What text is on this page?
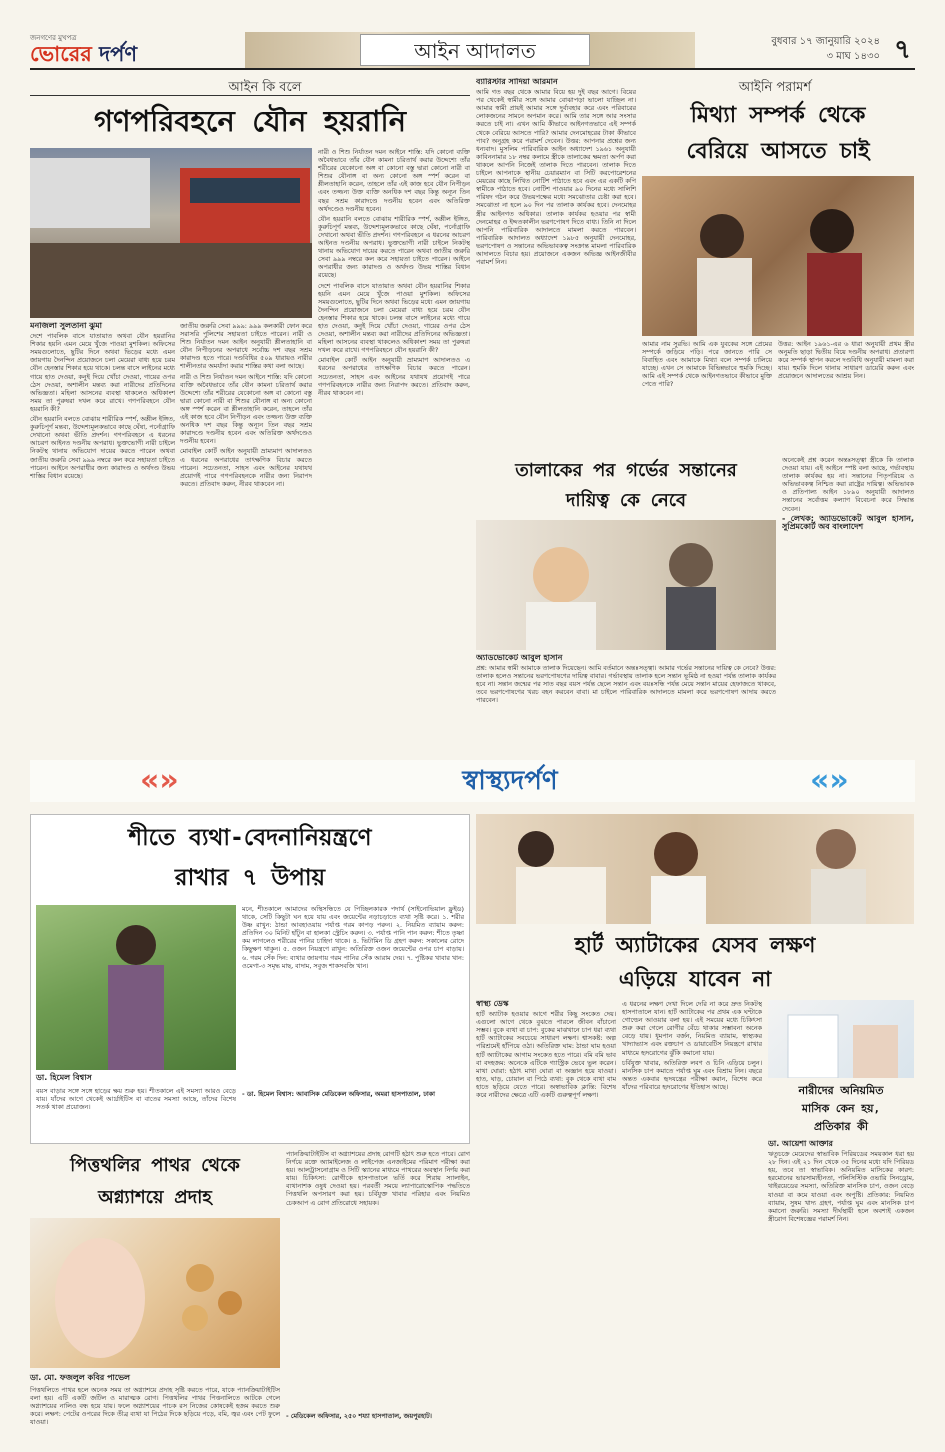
জনগণের মুখপত্র
ভোরের দর্পণ	আইন আদালত	বুধবার ১৭ জানুয়ারি ২০২৪
৩ মাঘ ১৪৩০ ৭
আইন কি বলে
গণপরিবহনে যৌন হয়রানি

মনজিলা সুলতানা ঝুমা

দেশে পাবলিক বাসে যাতায়াত অথবা যৌন হয়রানির শিকার হয়নি এমন মেয়ে খুঁজে পাওয়া মুশকিল। অফিসের সময়গুলোতে, ছুটির দিনে অথবা ভিড়ের মধ্যে এমন জায়গায় দৈনন্দিন প্রয়োজনে চলা মেয়েরা বাধ্য হয়ে চরম যৌন হেনস্তার শিকার হয়ে থাকে। চলন্ত বাসে লাইনের মধ্যে গায়ে হাত দেওয়া, কনুই দিয়ে খোঁচা দেওয়া, গায়ের ওপর ঠেস দেওয়া, অশালীন মন্তব্য করা নারীদের প্রতিদিনের অভিজ্ঞতা। মহিলা আসনের ব্যবস্থা থাকলেও অধিকাংশ সময় তা পুরুষরা দখল করে রাখে। গণপরিবহনে যৌন হয়রানি কী?

যৌন হয়রানি বলতে বোঝায় শারীরিক স্পর্শ, অশ্লীল ইঙ্গিত, কুরুচিপূর্ণ মন্তব্য, উদ্দেশ্যমূলকভাবে কাছে ঘেঁষা, পর্নোগ্রাফি দেখানো অথবা ভীতি প্রদর্শন। গণপরিবহনে এ ধরনের আচরণ আইনত দণ্ডনীয় অপরাধ। ভুক্তভোগী নারী চাইলে নিকটস্থ থানায় অভিযোগ দায়ের করতে পারেন অথবা জাতীয় জরুরি সেবা ৯৯৯ নম্বরে কল করে সহায়তা চাইতে পারেন। আইনে অপরাধীর জন্য কারাদণ্ড ও অর্থদণ্ড উভয় শাস্তির বিধান রয়েছে।

জাতীয় জরুরি সেবা ৯৯৯: ৯৯৯ কলকারী ফোন করে সরাসরি পুলিশের সহায়তা চাইতে পারেন। নারী ও শিশু নির্যাতন দমন আইন অনুযায়ী শ্লীলতাহানি বা যৌন নিপীড়নের অপরাধে সর্বোচ্চ দশ বছর সশ্রম কারাদণ্ড হতে পারে। দণ্ডবিধির ৫০৯ ধারায়ও নারীর শালীনতার অমর্যাদা করার শাস্তির কথা বলা আছে।

নারী ও শিশু নির্যাতন দমন আইনে শাস্তি: যদি কোনো ব্যক্তি অবৈধভাবে তাঁর যৌন কামনা চরিতার্থ করার উদ্দেশ্যে তাঁর শরীরের যেকোনো অঙ্গ বা কোনো বস্তু দ্বারা কোনো নারী বা শিশুর যৌনাঙ্গ বা অন্য কোনো অঙ্গ স্পর্শ করেন বা শ্লীলতাহানি করেন, তাহলে তাঁর এই কাজ হবে যৌন নিপীড়ন এবং তজ্জন্য উক্ত ব্যক্তি অনধিক দশ বছর কিন্তু অন্যূন তিন বছর সশ্রম কারাদণ্ডে দণ্ডনীয় হবেন এবং অতিরিক্ত অর্থদণ্ডেও দণ্ডনীয় হবেন।

মোবাইল কোর্ট আইন অনুযায়ী ভ্রাম্যমাণ আদালতও এ ধরনের অপরাধের তাৎক্ষণিক বিচার করতে পারেন। সচেতনতা, সাহস এবং আইনের যথাযথ প্রয়োগই পারে গণপরিবহনকে নারীর জন্য নিরাপদ করতে। প্রতিবাদ করুন, নীরব থাকবেন না।

নারী ও শিশু নির্যাতন দমন আইনে শাস্তি: যদি কোনো ব্যক্তি অবৈধভাবে তাঁর যৌন কামনা চরিতার্থ করার উদ্দেশ্যে তাঁর শরীরের যেকোনো অঙ্গ বা কোনো বস্তু দ্বারা কোনো নারী বা শিশুর যৌনাঙ্গ বা অন্য কোনো অঙ্গ স্পর্শ করেন বা শ্লীলতাহানি করেন, তাহলে তাঁর এই কাজ হবে যৌন নিপীড়ন এবং তজ্জন্য উক্ত ব্যক্তি অনধিক দশ বছর কিন্তু অন্যূন তিন বছর সশ্রম কারাদণ্ডে দণ্ডনীয় হবেন এবং অতিরিক্ত অর্থদণ্ডেও দণ্ডনীয় হবেন।

যৌন হয়রানি বলতে বোঝায় শারীরিক স্পর্শ, অশ্লীল ইঙ্গিত, কুরুচিপূর্ণ মন্তব্য, উদ্দেশ্যমূলকভাবে কাছে ঘেঁষা, পর্নোগ্রাফি দেখানো অথবা ভীতি প্রদর্শন। গণপরিবহনে এ ধরনের আচরণ আইনত দণ্ডনীয় অপরাধ। ভুক্তভোগী নারী চাইলে নিকটস্থ থানায় অভিযোগ দায়ের করতে পারেন অথবা জাতীয় জরুরি সেবা ৯৯৯ নম্বরে কল করে সহায়তা চাইতে পারেন। আইনে অপরাধীর জন্য কারাদণ্ড ও অর্থদণ্ড উভয় শাস্তির বিধান রয়েছে।

দেশে পাবলিক বাসে যাতায়াত অথবা যৌন হয়রানির শিকার হয়নি এমন মেয়ে খুঁজে পাওয়া মুশকিল। অফিসের সময়গুলোতে, ছুটির দিনে অথবা ভিড়ের মধ্যে এমন জায়গায় দৈনন্দিন প্রয়োজনে চলা মেয়েরা বাধ্য হয়ে চরম যৌন হেনস্তার শিকার হয়ে থাকে। চলন্ত বাসে লাইনের মধ্যে গায়ে হাত দেওয়া, কনুই দিয়ে খোঁচা দেওয়া, গায়ের ওপর ঠেস দেওয়া, অশালীন মন্তব্য করা নারীদের প্রতিদিনের অভিজ্ঞতা। মহিলা আসনের ব্যবস্থা থাকলেও অধিকাংশ সময় তা পুরুষরা দখল করে রাখে। গণপরিবহনে যৌন হয়রানি কী?

মোবাইল কোর্ট আইন অনুযায়ী ভ্রাম্যমাণ আদালতও এ ধরনের অপরাধের তাৎক্ষণিক বিচার করতে পারেন। সচেতনতা, সাহস এবং আইনের যথাযথ প্রয়োগই পারে গণপরিবহনকে নারীর জন্য নিরাপদ করতে। প্রতিবাদ করুন, নীরব থাকবেন না।

ব্যারিস্টার সাদিয়া আরমান

আমি গত বছর থেকে আমার বিয়ে হয় দুই বছর আগে। বিয়ের পর থেকেই স্বামীর সঙ্গে আমার বোঝাপড়া ভালো যাচ্ছিল না। আমার স্বামী প্রায়ই আমার সঙ্গে দুর্ব্যবহার করে এবং পরিবারের লোকজনের সামনে অপমান করে। আমি তার সঙ্গে আর সংসার করতে চাই না। এখন আমি কীভাবে আইনগতভাবে এই সম্পর্ক থেকে বেরিয়ে আসতে পারি? আমার দেনমোহরের টাকা কীভাবে পাব? অনুগ্রহ করে পরামর্শ দেবেন। উত্তর: আপনার প্রশ্নের জন্য ধন্যবাদ। মুসলিম পারিবারিক আইন অধ্যাদেশ ১৯৬১ অনুযায়ী কাবিননামার ১৮ নম্বর কলামে স্ত্রীকে তালাকের ক্ষমতা অর্পণ করা থাকলে আপনি নিজেই তালাক দিতে পারবেন। তালাক দিতে চাইলে আপনাকে স্থানীয় চেয়ারম্যান বা সিটি করপোরেশনের মেয়রের কাছে লিখিত নোটিশ পাঠাতে হবে এবং এর একটি কপি স্বামীকে পাঠাতে হবে। নোটিশ পাওয়ার ৯০ দিনের মধ্যে সালিশি পরিষদ গঠন করে উভয়পক্ষের মধ্যে সমঝোতার চেষ্টা করা হবে। সমঝোতা না হলে ৯০ দিন পর তালাক কার্যকর হবে। দেনমোহর স্ত্রীর আইনগত অধিকার। তালাক কার্যকর হওয়ার পর স্বামী দেনমোহর ও ইদ্দতকালীন ভরণপোষণ দিতে বাধ্য। তিনি না দিলে আপনি পারিবারিক আদালতে মামলা করতে পারবেন। পারিবারিক আদালত অধ্যাদেশ ১৯৮৫ অনুযায়ী দেনমোহর, ভরণপোষণ ও সন্তানের অভিভাবকত্ব সংক্রান্ত মামলা পারিবারিক আদালতে বিচার হয়। প্রয়োজনে একজন অভিজ্ঞ আইনজীবীর পরামর্শ নিন।

আইনি পরামর্শ
মিথ্যা সম্পর্ক থেকে
বেরিয়ে আসতে চাই
আমার নাম সুরভি। আমি এক যুবকের সঙ্গে প্রেমের সম্পর্কে জড়িয়ে পড়ি। পরে জানতে পারি সে বিবাহিত এবং আমাকে মিথ্যা বলে সম্পর্ক চালিয়ে যাচ্ছে। এখন সে আমাকে বিভিন্নভাবে হুমকি দিচ্ছে। আমি এই সম্পর্ক থেকে আইনগতভাবে কীভাবে মুক্তি পেতে পারি?
উত্তর: আইন ১৯৬১-এর ৬ ধারা অনুযায়ী প্রথম স্ত্রীর অনুমতি ছাড়া দ্বিতীয় বিয়ে দণ্ডনীয় অপরাধ। প্রতারণা করে সম্পর্ক স্থাপন করলে দণ্ডবিধি অনুযায়ী মামলা করা যায়। হুমকি দিলে থানায় সাধারণ ডায়েরি করুন এবং প্রয়োজনে আদালতের আশ্রয় নিন।
তালাকের পর গর্ভের সন্তানের
দায়িত্ব কে নেবে

অ্যাডভোকেট আবুল হাসান

প্রশ্ন: আমার স্বামী আমাকে তালাক দিয়েছেন। আমি বর্তমানে অন্তঃসত্ত্বা। আমার গর্ভের সন্তানের দায়িত্ব কে নেবে? উত্তর: তালাক হলেও সন্তানের ভরণপোষণের দায়িত্ব বাবার। গর্ভাবস্থায় তালাক হলে সন্তান ভূমিষ্ঠ না হওয়া পর্যন্ত তালাক কার্যকর হবে না। সন্তান জন্মের পর সাত বছর বয়স পর্যন্ত ছেলে সন্তান এবং বয়ঃসন্ধি পর্যন্ত মেয়ে সন্তান মায়ের হেফাজতে থাকবে, তবে ভরণপোষণের খরচ বহন করবেন বাবা। মা চাইলে পারিবারিক আদালতে মামলা করে ভরণপোষণ আদায় করতে পারবেন।

অনেকেই প্রশ্ন করেন অন্তঃসত্ত্বা স্ত্রীকে কি তালাক দেওয়া যায়। এই আইনে স্পষ্ট বলা আছে, গর্ভাবস্থায় তালাক কার্যকর হয় না। সন্তানের পিতৃপরিচয় ও অভিভাবকত্ব নিশ্চিত করা রাষ্ট্রের দায়িত্ব। অভিভাবক ও প্রতিপাল্য আইন ১৮৯০ অনুযায়ী আদালত সন্তানের সর্বোত্তম কল্যাণ বিবেচনা করে সিদ্ধান্ত দেবেন।

- লেখক: অ্যাডভোকেট আবুল হাসান, সুপ্রিমকোর্ট অব বাংলাদেশ

«»	স্বাস্থ্যদর্পণ	«»
শীতে ব্যথা-বেদনানিয়ন্ত্রণে
রাখার ৭ উপায়
ডা. হিমেল বিশ্বাস
মনে, শীতকালে আমাদের অস্থিসন্ধিতে যে পিচ্ছিলকারক পদার্থ (সাইনোভিয়াল ফ্লুইড) থাকে, সেটি কিছুটা ঘন হয়ে যায় এবং জয়েন্টের নড়াচড়াতে ব্যথা সৃষ্টি করে। ১. শরীর উষ্ণ রাখুন: ঠান্ডা আবহাওয়ায় পর্যাপ্ত গরম কাপড় পরুন। ২. নিয়মিত ব্যায়াম করুন: প্রতিদিন ৩০ মিনিট হাঁটুন বা হালকা স্ট্রেচিং করুন। ৩. পর্যাপ্ত পানি পান করুন: শীতে তৃষ্ণা কম লাগলেও শরীরের পানির চাহিদা থাকে। ৪. ভিটামিন ডি গ্রহণ করুন: সকালের রোদে কিছুক্ষণ থাকুন। ৫. ওজন নিয়ন্ত্রণে রাখুন: অতিরিক্ত ওজন জয়েন্টের ওপর চাপ বাড়ায়। ৬. গরম সেঁক দিন: ব্যথার জায়গায় গরম পানির সেঁক আরাম দেয়। ৭. পুষ্টিকর খাবার খান: ওমেগা-৩ সমৃদ্ধ মাছ, বাদাম, সবুজ শাকসবজি খান।
বয়স বাড়ার সঙ্গে সঙ্গে হাড়ের ক্ষয় শুরু হয়। শীতকালে এই সমস্যা আরও বেড়ে যায়। যাঁদের আগে থেকেই আর্থ্রাইটিস বা বাতের সমস্যা আছে, তাঁদের বিশেষ সতর্ক থাকা প্রয়োজন।
- ডা. হিমেল বিশ্বাস: আবাসিক মেডিকেল অফিসার, অমরা হাসপাতাল, ঢাকা
হার্ট অ্যাটাকের যেসব লক্ষণ
এড়িয়ে যাবেন না

স্বাস্থ্য ডেস্ক

হার্ট অ্যাটাক হওয়ার আগে শরীর কিছু সংকেত দেয়। এগুলো আগে থেকে বুঝতে পারলে জীবন বাঁচানো সম্ভব। বুকে ব্যথা বা চাপ: বুকের মাঝখানে চাপ ধরা ব্যথা হার্ট অ্যাটাকের সবচেয়ে সাধারণ লক্ষণ। শ্বাসকষ্ট: অল্প পরিশ্রমেই হাঁপিয়ে ওঠা। অতিরিক্ত ঘাম: ঠান্ডা ঘাম হওয়া হার্ট অ্যাটাকের আগাম সংকেত হতে পারে। বমি বমি ভাব বা বদহজম: অনেকে এটিকে গ্যাস্ট্রিক ভেবে ভুল করেন। মাথা ঘোরা: হঠাৎ মাথা ঘোরা বা অজ্ঞান হয়ে যাওয়া। হাত, ঘাড়, চোয়াল বা পিঠে ব্যথা: বুক থেকে ব্যথা বাম হাতে ছড়িয়ে যেতে পারে। অস্বাভাবিক ক্লান্তি: বিশেষ করে নারীদের ক্ষেত্রে এটি একটি গুরুত্বপূর্ণ লক্ষণ।

এ ধরনের লক্ষণ দেখা দিলে দেরি না করে দ্রুত নিকটস্থ হাসপাতালে যান। হার্ট অ্যাটাকের পর প্রথম এক ঘণ্টাকে গোল্ডেন আওয়ার বলা হয়। এই সময়ের মধ্যে চিকিৎসা শুরু করা গেলে রোগীর বেঁচে থাকার সম্ভাবনা অনেক বেড়ে যায়। ধূমপান বর্জন, নিয়মিত ব্যায়াম, স্বাস্থ্যকর খাদ্যাভ্যাস এবং রক্তচাপ ও ডায়াবেটিস নিয়ন্ত্রণে রাখার মাধ্যমে হৃদরোগের ঝুঁকি কমানো যায়।

চর্বিযুক্ত খাবার, অতিরিক্ত লবণ ও চিনি এড়িয়ে চলুন। মানসিক চাপ কমাতে পর্যাপ্ত ঘুম এবং বিশ্রাম নিন। বছরে অন্তত একবার হৃদযন্ত্রের পরীক্ষা করান, বিশেষ করে যাঁদের পরিবারে হৃদরোগের ইতিহাস আছে।	নারীদের অনিয়মিত
মাসিক কেন হয়,
প্রতিকার কী

ডা. আয়েশা আক্তার

ঋতুচক্রে মেয়েদের স্বাভাবিক পিরিয়ডের সময়কাল ধরা হয় ২৮ দিন। এই ২১ দিন থেকে ৩৫ দিনের মধ্যে যদি পিরিয়ড হয়, তবে তা স্বাভাবিক। অনিয়মিত মাসিকের কারণ: হরমোনের ভারসাম্যহীনতা, পলিসিস্টিক ওভারি সিনড্রোম, থাইরয়েডের সমস্যা, অতিরিক্ত মানসিক চাপ, ওজন বেড়ে যাওয়া বা কমে যাওয়া এবং অপুষ্টি। প্রতিকার: নিয়মিত ব্যায়াম, সুষম খাদ্য গ্রহণ, পর্যাপ্ত ঘুম এবং মানসিক চাপ কমানো জরুরি। সমস্যা দীর্ঘস্থায়ী হলে অবশ্যই একজন স্ত্রীরোগ বিশেষজ্ঞের পরামর্শ নিন।

পিত্তথলির পাথর থেকে
অগ্ন্যাশয়ে প্রদাহ
ডা. মো. ফজলুল কবির পাভেল
পিত্তথলিতে পাথর হলে অনেক সময় তা অগ্ন্যাশয়ে প্রদাহ সৃষ্টি করতে পারে, যাকে প্যানক্রিয়াটাইটিস বলা হয়। এটি একটি জটিল ও মারাত্মক রোগ। পিত্তথলির পাথর পিত্তনালিতে আটকে গেলে অগ্ন্যাশয়ের নালিও বন্ধ হয়ে যায়। ফলে অগ্ন্যাশয়ের পাচক রস নিজের কোষকেই হজম করতে শুরু করে। লক্ষণ: পেটের ওপরের দিকে তীব্র ব্যথা যা পিঠের দিকে ছড়িয়ে পড়ে, বমি, জ্বর এবং পেট ফুলে যাওয়া।
প্যানক্রিয়াটাইটিস বা অগ্ন্যাশয়ের প্রদাহ রোগটি হঠাৎ শুরু হতে পারে। রোগ নির্ণয়ে রক্তে অ্যামাইলেজ ও লাইপেজ এনজাইমের পরিমাণ পরীক্ষা করা হয়। আলট্রাসনোগ্রাম ও সিটি স্ক্যানের মাধ্যমে পাথরের অবস্থান নির্ণয় করা যায়। চিকিৎসা: রোগীকে হাসপাতালে ভর্তি করে শিরায় স্যালাইন, ব্যথানাশক ওষুধ দেওয়া হয়। পরবর্তী সময়ে ল্যাপারোস্কোপিক পদ্ধতিতে পিত্তথলি অপসারণ করা হয়। চর্বিযুক্ত খাবার পরিহার এবং নিয়মিত চেকআপ এ রোগ প্রতিরোধে সহায়ক।
- মেডিকেল অফিসার, ২৫০ শয্যা হাসপাতাল, জয়পুরহাট।
